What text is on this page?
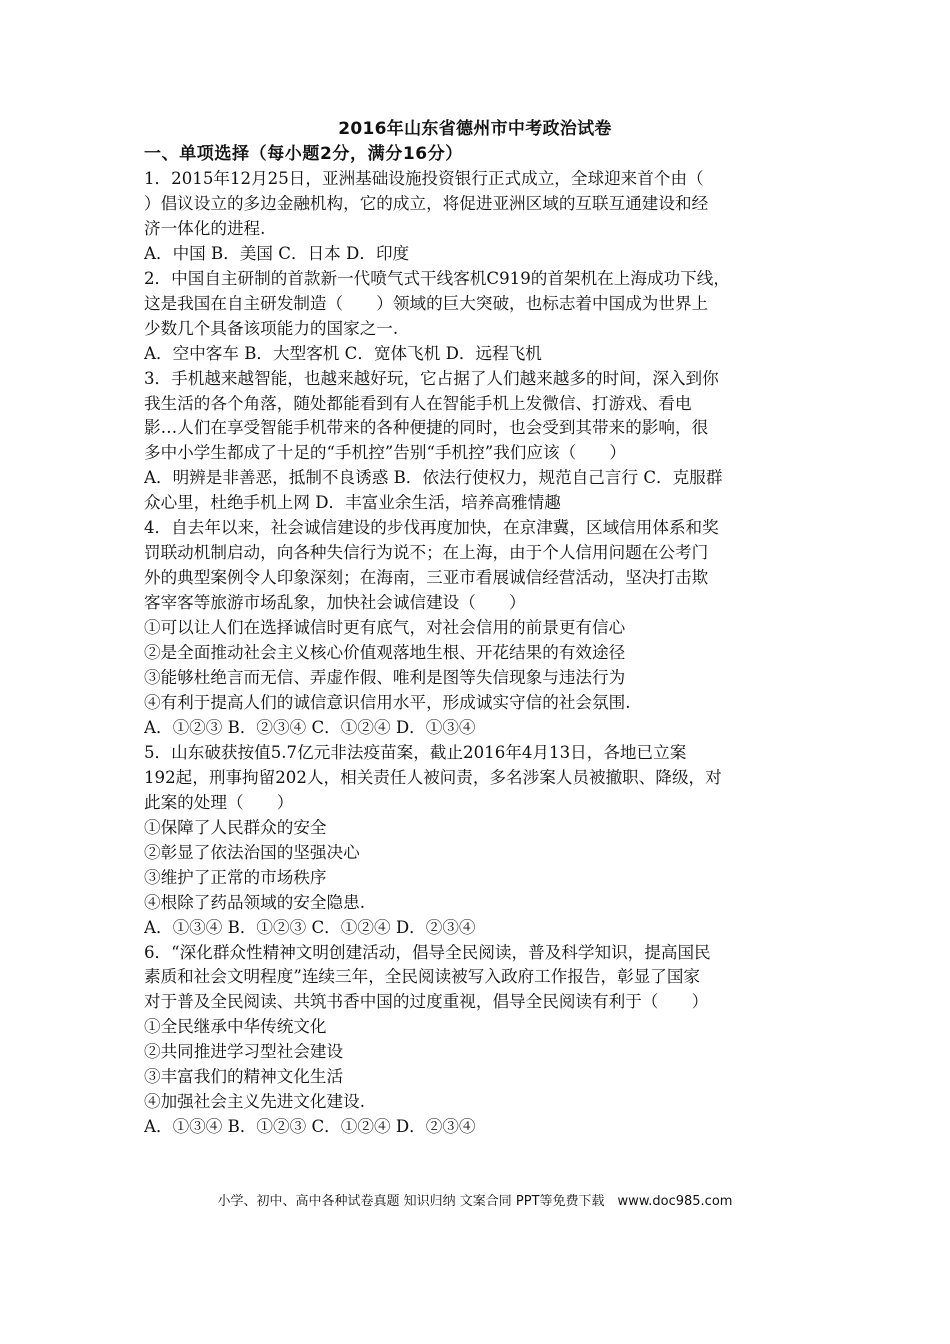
2016年山东省德州市中考政治试卷
一、单项选择（每小题2分，满分16分）
1．2015年12月25日，亚洲基础设施投资银行正式成立，全球迎来首个由（
）倡议设立的多边金融机构，它的成立，将促进亚洲区域的互联互通建设和经
济一体化的进程.
A．中国 B．美国 C．日本 D．印度
2．中国自主研制的首款新一代喷气式干线客机C919的首架机在上海成功下线，
这是我国在自主研发制造（　　）领域的巨大突破，也标志着中国成为世界上
少数几个具备该项能力的国家之一.
A．空中客车 B．大型客机 C．宽体飞机 D．远程飞机
3．手机越来越智能，也越来越好玩，它占据了人们越来越多的时间，深入到你
我生活的各个角落，随处都能看到有人在智能手机上发微信、打游戏、看电
影…人们在享受智能手机带来的各种便捷的同时，也会受到其带来的影响，很
多中小学生都成了十足的“手机控”告别“手机控”我们应该（　　）
A．明辨是非善恶，抵制不良诱惑 B．依法行使权力，规范自己言行 C．克服群
众心里，杜绝手机上网 D．丰富业余生活，培养高雅情趣
4．自去年以来，社会诚信建设的步伐再度加快，在京津冀，区域信用体系和奖
罚联动机制启动，向各种失信行为说不；在上海，由于个人信用问题在公考门
外的典型案例令人印象深刻；在海南，三亚市看展诚信经营活动，坚决打击欺
客宰客等旅游市场乱象，加快社会诚信建设（　　）
①可以让人们在选择诚信时更有底气，对社会信用的前景更有信心
②是全面推动社会主义核心价值观落地生根、开花结果的有效途径
③能够杜绝言而无信、弄虚作假、唯利是图等失信现象与违法行为
④有利于提高人们的诚信意识信用水平，形成诚实守信的社会氛围.
A．①②③ B．②③④ C．①②④ D．①③④
5．山东破获按值5.7亿元非法疫苗案，截止2016年4月13日，各地已立案
192起，刑事拘留202人，相关责任人被问责，多名涉案人员被撤职、降级，对
此案的处理（　　）
①保障了人民群众的安全
②彰显了依法治国的坚强决心
③维护了正常的市场秩序
④根除了药品领域的安全隐患.
A．①③④ B．①②③ C．①②④ D．②③④
6．“深化群众性精神文明创建活动，倡导全民阅读，普及科学知识，提高国民
素质和社会文明程度”连续三年，全民阅读被写入政府工作报告，彰显了国家
对于普及全民阅读、共筑书香中国的过度重视，倡导全民阅读有利于（　　）
①全民继承中华传统文化
②共同推进学习型社会建设
③丰富我们的精神文化生活
④加强社会主义先进文化建设.
A．①③④ B．①②③ C．①②④ D．②③④
小学、初中、高中各种试卷真题 知识归纳 文案合同 PPT等免费下载　www.doc985.com
